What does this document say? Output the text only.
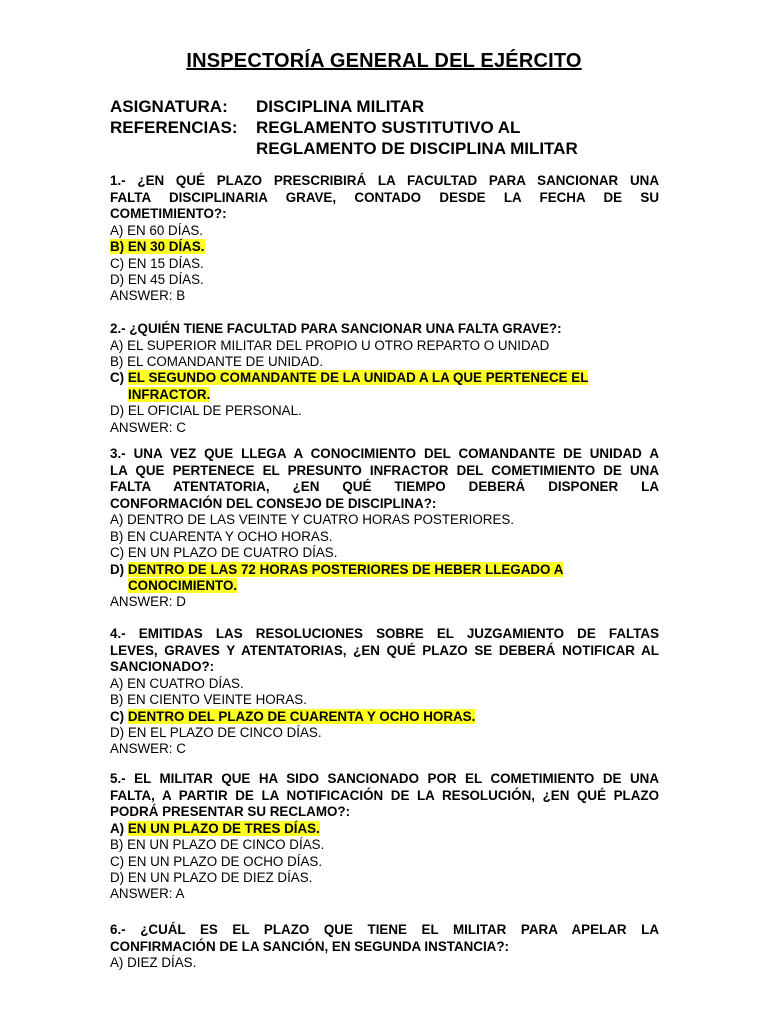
INSPECTORÍA GENERAL DEL EJÉRCITO
ASIGNATURA: DISCIPLINA MILITAR
REFERENCIAS: REGLAMENTO SUSTITUTIVO AL
REGLAMENTO DE DISCIPLINA MILITAR
1.- ¿EN QUÉ PLAZO PRESCRIBIRÁ LA FACULTAD PARA SANCIONAR UNA
FALTA DISCIPLINARIA GRAVE, CONTADO DESDE LA FECHA DE SU
COMETIMIENTO?:
A) EN 60 DÍAS.
B) EN 30 DÍAS.
C) EN 15 DÍAS.
D) EN 45 DÍAS.
ANSWER: B
2.- ¿QUIÉN TIENE FACULTAD PARA SANCIONAR UNA FALTA GRAVE?:
A) EL SUPERIOR MILITAR DEL PROPIO U OTRO REPARTO O UNIDAD
B) EL COMANDANTE DE UNIDAD.
C) EL SEGUNDO COMANDANTE DE LA UNIDAD A LA QUE PERTENECE EL
INFRACTOR.
D) EL OFICIAL DE PERSONAL.
ANSWER: C
3.- UNA VEZ QUE LLEGA A CONOCIMIENTO DEL COMANDANTE DE UNIDAD A
LA QUE PERTENECE EL PRESUNTO INFRACTOR DEL COMETIMIENTO DE UNA
FALTA ATENTATORIA, ¿EN QUÉ TIEMPO DEBERÁ DISPONER LA
CONFORMACIÓN DEL CONSEJO DE DISCIPLINA?:
A) DENTRO DE LAS VEINTE Y CUATRO HORAS POSTERIORES.
B) EN CUARENTA Y OCHO HORAS.
C) EN UN PLAZO DE CUATRO DÍAS.
D) DENTRO DE LAS 72 HORAS POSTERIORES DE HEBER LLEGADO A
CONOCIMIENTO.
ANSWER: D
4.- EMITIDAS LAS RESOLUCIONES SOBRE EL JUZGAMIENTO DE FALTAS
LEVES, GRAVES Y ATENTATORIAS, ¿EN QUÉ PLAZO SE DEBERÁ NOTIFICAR AL
SANCIONADO?:
A) EN CUATRO DÍAS.
B) EN CIENTO VEINTE HORAS.
C) DENTRO DEL PLAZO DE CUARENTA Y OCHO HORAS.
D) EN EL PLAZO DE CINCO DÍAS.
ANSWER: C
5.- EL MILITAR QUE HA SIDO SANCIONADO POR EL COMETIMIENTO DE UNA
FALTA, A PARTIR DE LA NOTIFICACIÓN DE LA RESOLUCIÓN, ¿EN QUÉ PLAZO
PODRÁ PRESENTAR SU RECLAMO?:
A) EN UN PLAZO DE TRES DÍAS.
B) EN UN PLAZO DE CINCO DÍAS.
C) EN UN PLAZO DE OCHO DÍAS.
D) EN UN PLAZO DE DIEZ DÍAS.
ANSWER: A
6.- ¿CUÁL ES EL PLAZO QUE TIENE EL MILITAR PARA APELAR LA
CONFIRMACIÓN DE LA SANCIÓN, EN SEGUNDA INSTANCIA?:
A) DIEZ DÍAS.
